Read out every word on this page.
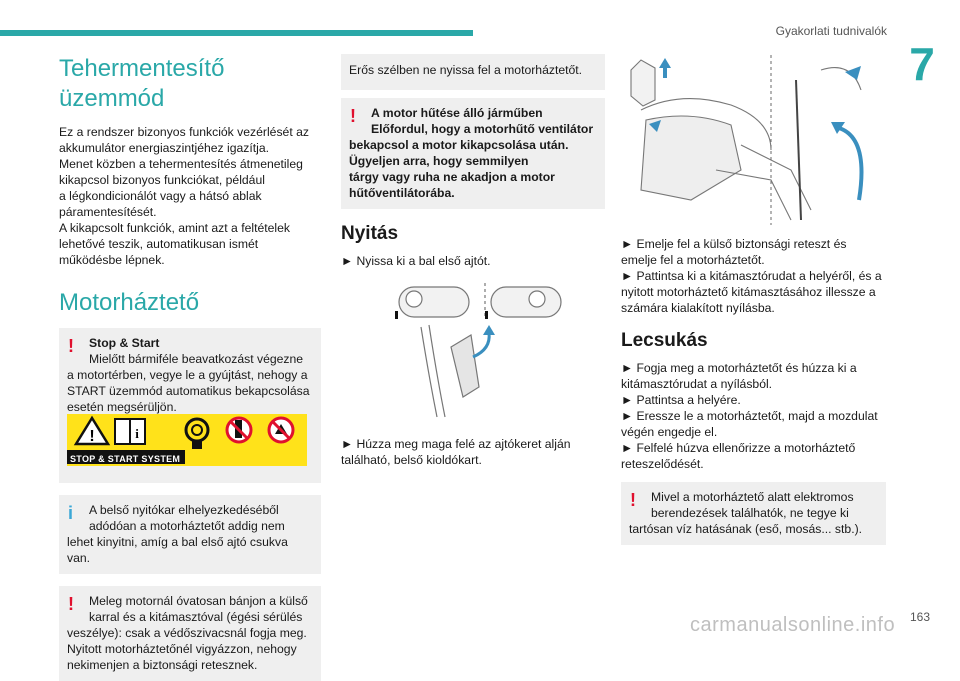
Gyakorlati tudnivalók
7
Tehermentesítő üzemmód

Ez a rendszer bizonyos funkciók vezérlését az
akkumulátor energiaszintjéhez igazítja.
Menet közben a tehermentesítés átmenetileg
kikapcsol bizonyos funkciókat, például
a légkondicionálót vagy a hátsó ablak
páramentesítését.
A kikapcsolt funkciók, amint azt a feltételek
lehetővé teszik, automatikusan ismét
működésbe lépnek.

Motorháztető
!	Stop & Start
Mielőtt bármiféle beavatkozást végezne
a motortérben, vegye le a gyújtást, nehogy a
START üzemmód automatikus bekapcsolása
esetén megsérüljön.
!	i
STOP & START SYSTEM
i	A belső nyitókar elhelyezkedéséből
adódóan a motorháztetőt addig nem
lehet kinyitni, amíg a bal első ajtó csukva van.
!	Meleg motornál óvatosan bánjon a külső
karral és a kitámasztóval (égési sérülés
veszélye): csak a védőszivacsnál fogja meg.
Nyitott motorháztetőnél vigyázzon, nehogy
nekimenjen a biztonsági retesznek.
Erős szélben ne nyissa fel a motorháztetőt.
!	A motor hűtése álló járműben
Előfordul, hogy a motorhűtő ventilátor
bekapcsol a motor kikapcsolása után.
Ügyeljen arra, hogy semmilyen
tárgy vagy ruha ne akadjon a motor
hűtőventilátorába.
Nyitás

► Nyissa ki a bal első ajtót.

► Húzza meg maga felé az ajtókeret alján
található, belső kioldókart.

► Emelje fel a külső biztonsági reteszt és
emelje fel a motorháztetőt.
► Pattintsa ki a kitámasztórudat a helyéről, és a
nyitott motorháztető kitámasztásához illessze a
számára kialakított nyílásba.

Lecsukás

► Fogja meg a motorháztetőt és húzza ki a
kitámasztórudat a nyílásból.
► Pattintsa a helyére.
► Eressze le a motorháztetőt, majd a mozdulat
végén engedje el.
► Felfelé húzva ellenőrizze a motorháztető
reteszelődését.

!	Mivel a motorháztető alatt elektromos
berendezések találhatók, ne tegye ki
tartósan víz hatásának (eső, mosás... stb.).
163
carmanualsonline.info
